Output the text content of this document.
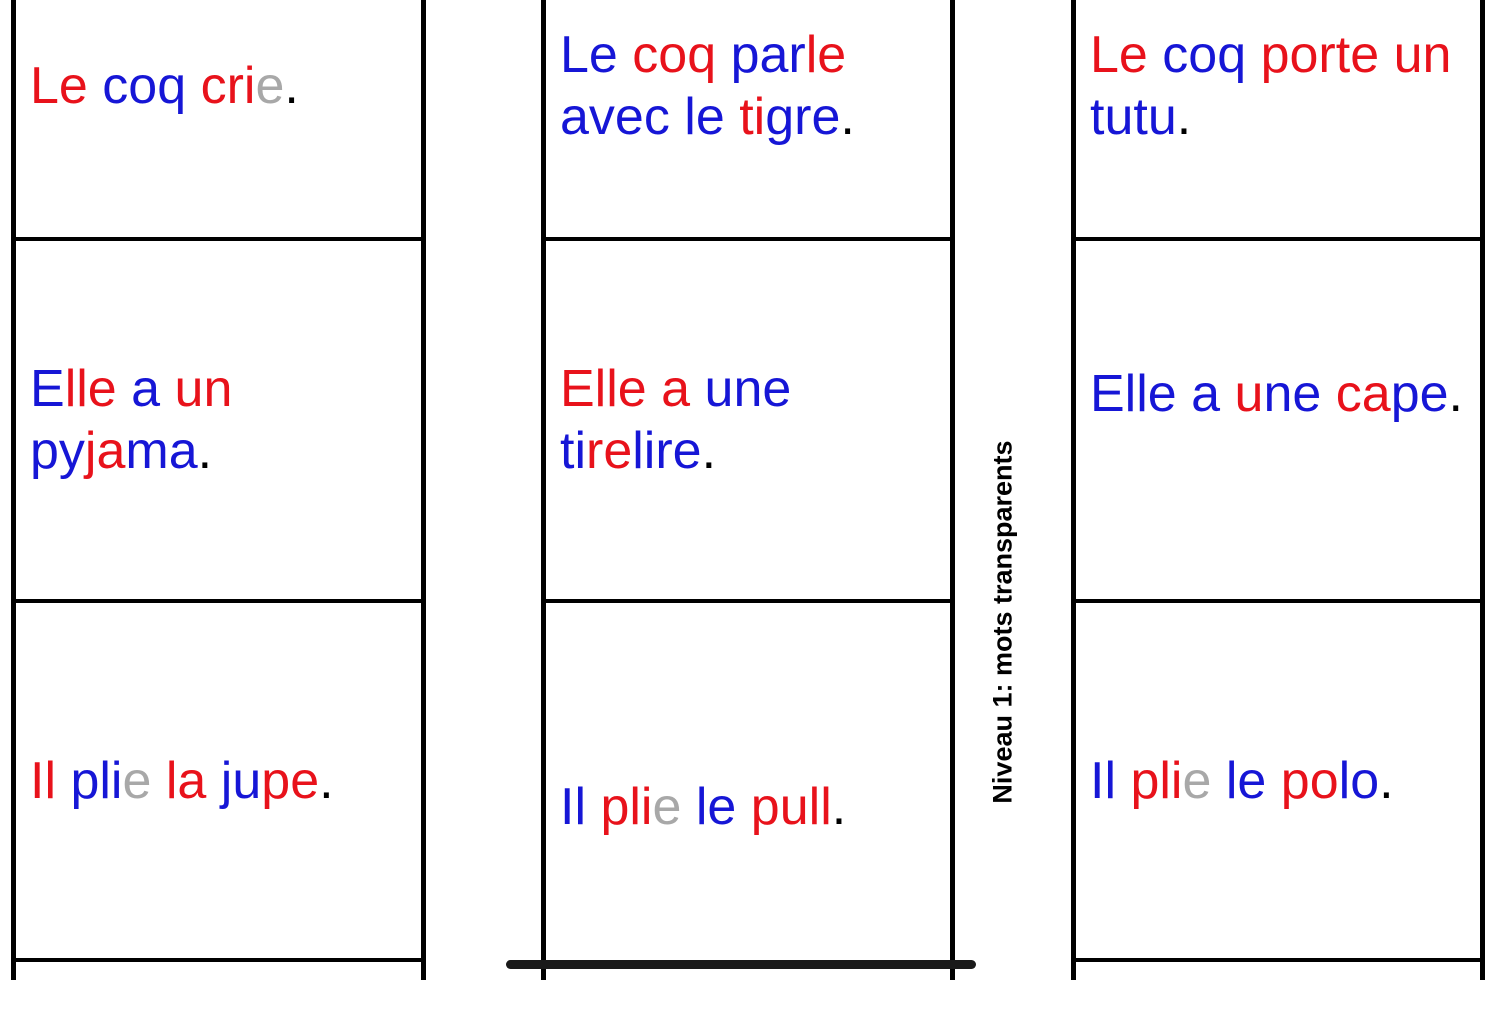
Le coq crie.

Elle a un pyjama.

Il plie la jupe.

Le coq parle avec le tigre.

Elle a une tirelire.

Il plie le pull.

Le coq porte un tutu.

Elle a une cape.

Il plie le polo.

Niveau 1: mots transparents
